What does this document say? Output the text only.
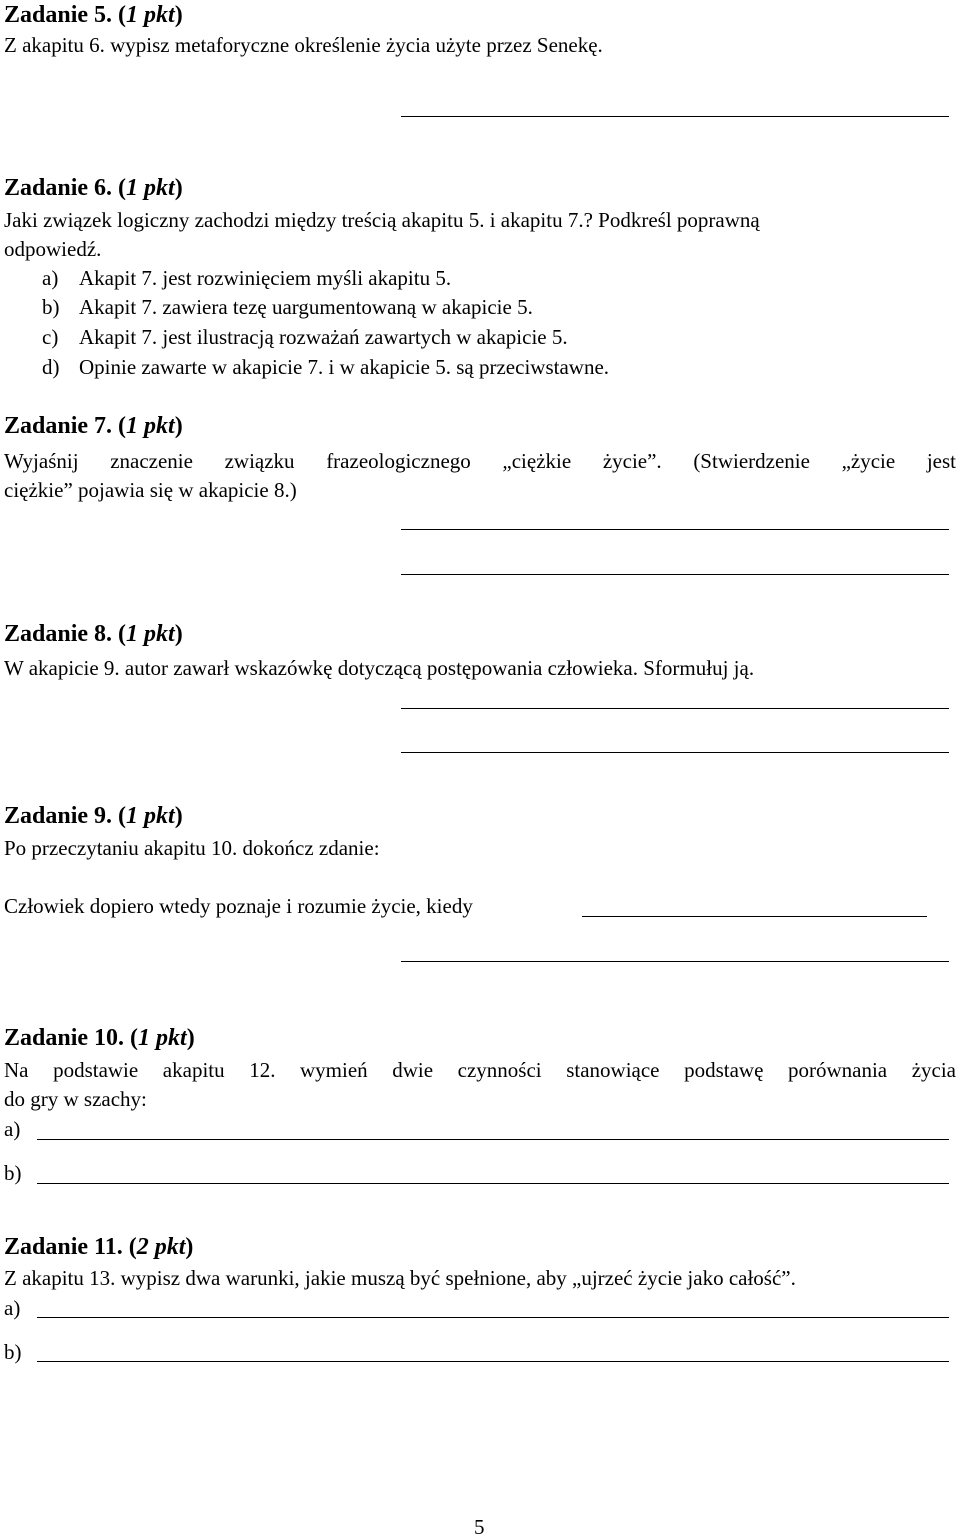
Zadanie 5. (1 pkt)
Z akapitu 6. wypisz metaforyczne określenie życia użyte przez Senekę.
Zadanie 6. (1 pkt)
Jaki związek logiczny zachodzi między treścią akapitu 5. i akapitu 7.? Podkreśl poprawną
odpowiedź.
a) Akapit 7. jest rozwinięciem myśli akapitu 5.
b) Akapit 7. zawiera tezę uargumentowaną w akapicie 5.
c) Akapit 7. jest ilustracją rozważań zawartych w akapicie 5.
d) Opinie zawarte w akapicie 7. i w akapicie 5. są przeciwstawne.
Zadanie 7. (1 pkt)
Wyjaśnij znaczenie związku frazeologicznego „ciężkie życie”. (Stwierdzenie „życie jest
ciężkie” pojawia się w akapicie 8.)
Zadanie 8. (1 pkt)
W akapicie 9. autor zawarł wskazówkę dotyczącą postępowania człowieka. Sformułuj ją.
Zadanie 9. (1 pkt)
Po przeczytaniu akapitu 10. dokończ zdanie:
Człowiek dopiero wtedy poznaje i rozumie życie, kiedy
Zadanie 10. (1 pkt)
Na podstawie akapitu 12. wymień dwie czynności stanowiące podstawę porównania życia
do gry w szachy:
a)
b)
Zadanie 11. (2 pkt)
Z akapitu 13. wypisz dwa warunki, jakie muszą być spełnione, aby „ujrzeć życie jako całość”.
a)
b)
5
